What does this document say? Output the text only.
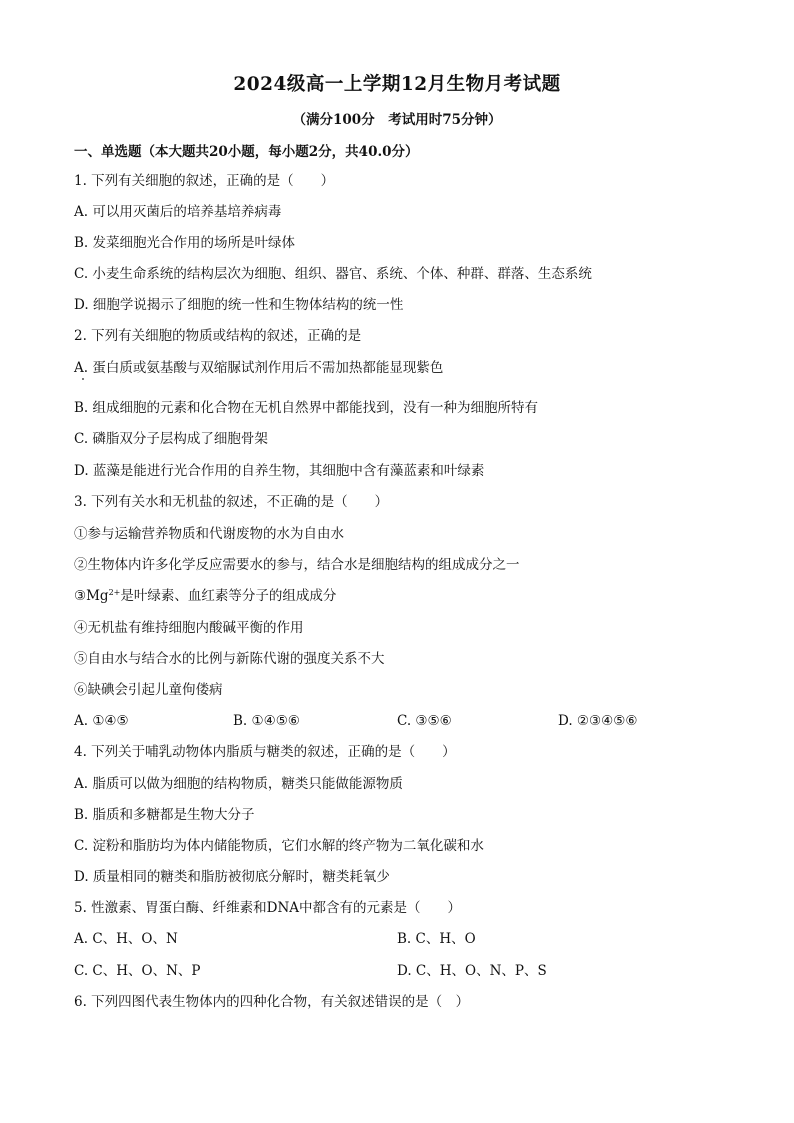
2024级高一上学期12月生物月考试题
（满分100分　考试用时75分钟）
一、单选题（本大题共20小题，每小题2分，共40.0分）
1. 下列有关细胞的叙述，正确的是（　　）
A. 可以用灭菌后的培养基培养病毒
B. 发菜细胞光合作用的场所是叶绿体
C. 小麦生命系统的结构层次为细胞、组织、器官、系统、个体、种群、群落、生态系统
D. 细胞学说揭示了细胞的统一性和生物体结构的统一性
2. 下列有关细胞的物质或结构的叙述，正确的是
A. 蛋白质或氨基酸与双缩脲试剂作用后不需加热都能显现紫色
B. 组成细胞的元素和化合物在无机自然界中都能找到，没有一种为细胞所特有
C. 磷脂双分子层构成了细胞骨架
D. 蓝藻是能进行光合作用的自养生物，其细胞中含有藻蓝素和叶绿素
3. 下列有关水和无机盐的叙述，不正确的是（　　）
①参与运输营养物质和代谢废物的水为自由水
②生物体内许多化学反应需要水的参与，结合水是细胞结构的组成成分之一
$③Mg^{2+}$是叶绿素、血红素等分子的组成成分
④无机盐有维持细胞内酸碱平衡的作用
⑤自由水与结合水的比例与新陈代谢的强度关系不大
⑥缺碘会引起儿童佝偻病
A. ①④⑤	B. ①④⑤⑥	C. ③⑤⑥	D. ②③④⑤⑥
4. 下列关于哺乳动物体内脂质与糖类的叙述，正确的是（　　）
A. 脂质可以做为细胞的结构物质，糖类只能做能源物质
B. 脂质和多糖都是生物大分子
C. 淀粉和脂肪均为体内储能物质，它们水解的终产物为二氧化碳和水
D. 质量相同的糖类和脂肪被彻底分解时，糖类耗氧少
5. 性激素、胃蛋白酶、纤维素和DNA中都含有的元素是（　　）
A. C、H、O、N	B. C、H、O
C. C、H、O、N、P	D. C、H、O、N、P、S
6. 下列四图代表生物体内的四种化合物，有关叙述错误的是（　）
